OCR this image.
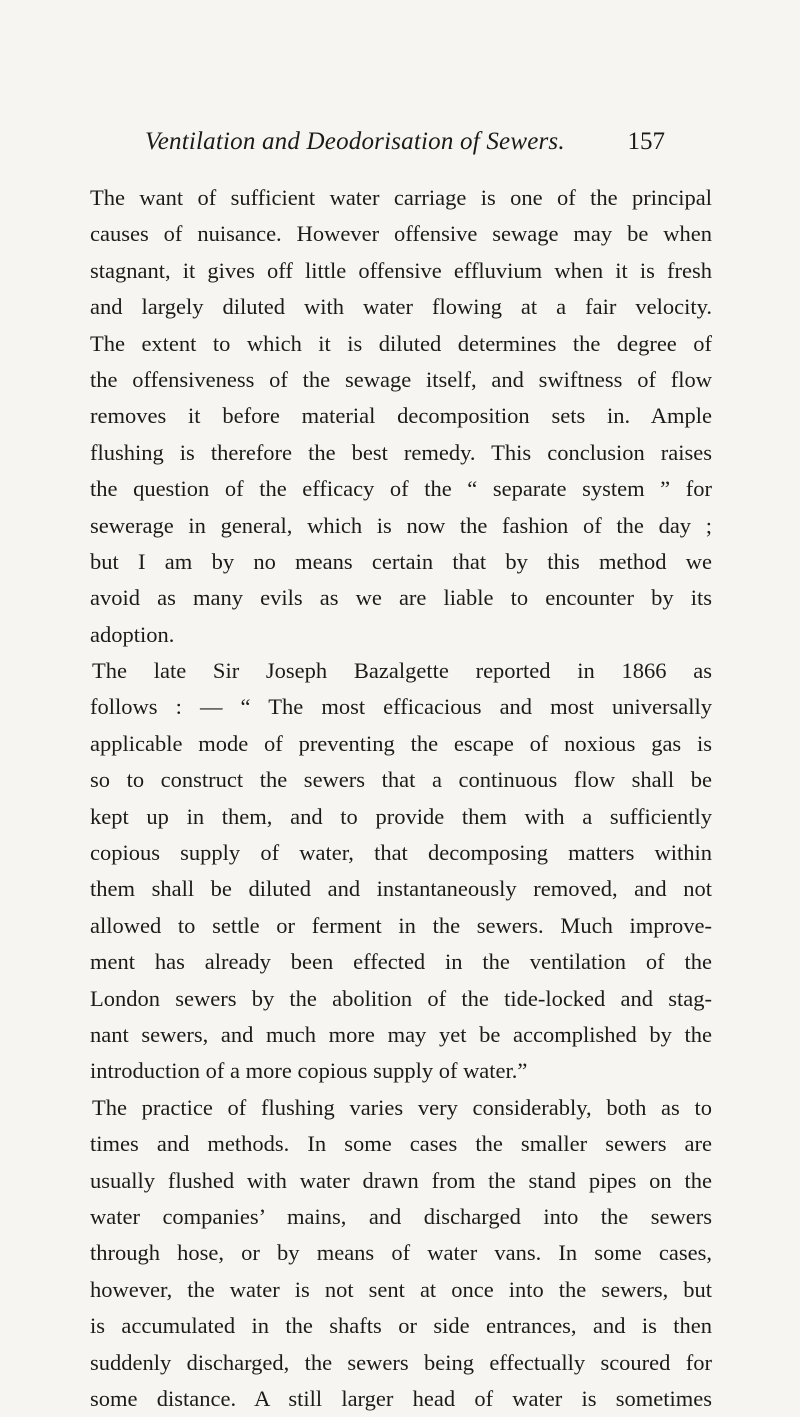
Ventilation and Deodorisation of Sewers.	157
The want of sufficient water carriage is one of the principal
causes of nuisance. However offensive sewage may be when
stagnant, it gives off little offensive effluvium when it is fresh
and largely diluted with water flowing at a fair velocity.
The extent to which it is diluted determines the degree of
the offensiveness of the sewage itself, and swiftness of flow
removes it before material decomposition sets in. Ample
flushing is therefore the best remedy. This conclusion raises
the question of the efficacy of the “ separate system ” for
sewerage in general, which is now the fashion of the day ;
but I am by no means certain that by this method we
avoid as many evils as we are liable to encounter by its
adoption.
The late Sir Joseph Bazalgette reported in 1866 as
follows : — “ The most efficacious and most universally
applicable mode of preventing the escape of noxious gas is
so to construct the sewers that a continuous flow shall be
kept up in them, and to provide them with a sufficiently
copious supply of water, that decomposing matters within
them shall be diluted and instantaneously removed, and not
allowed to settle or ferment in the sewers. Much improve-
ment has already been effected in the ventilation of the
London sewers by the abolition of the tide-locked and stag-
nant sewers, and much more may yet be accomplished by the
introduction of a more copious supply of water.”
The practice of flushing varies very considerably, both as to
times and methods. In some cases the smaller sewers are
usually flushed with water drawn from the stand pipes on the
water companies’ mains, and discharged into the sewers
through hose, or by means of water vans. In some cases,
however, the water is not sent at once into the sewers, but
is accumulated in the shafts or side entrances, and is then
suddenly discharged, the sewers being effectually scoured for
some distance. A still larger head of water is sometimes
